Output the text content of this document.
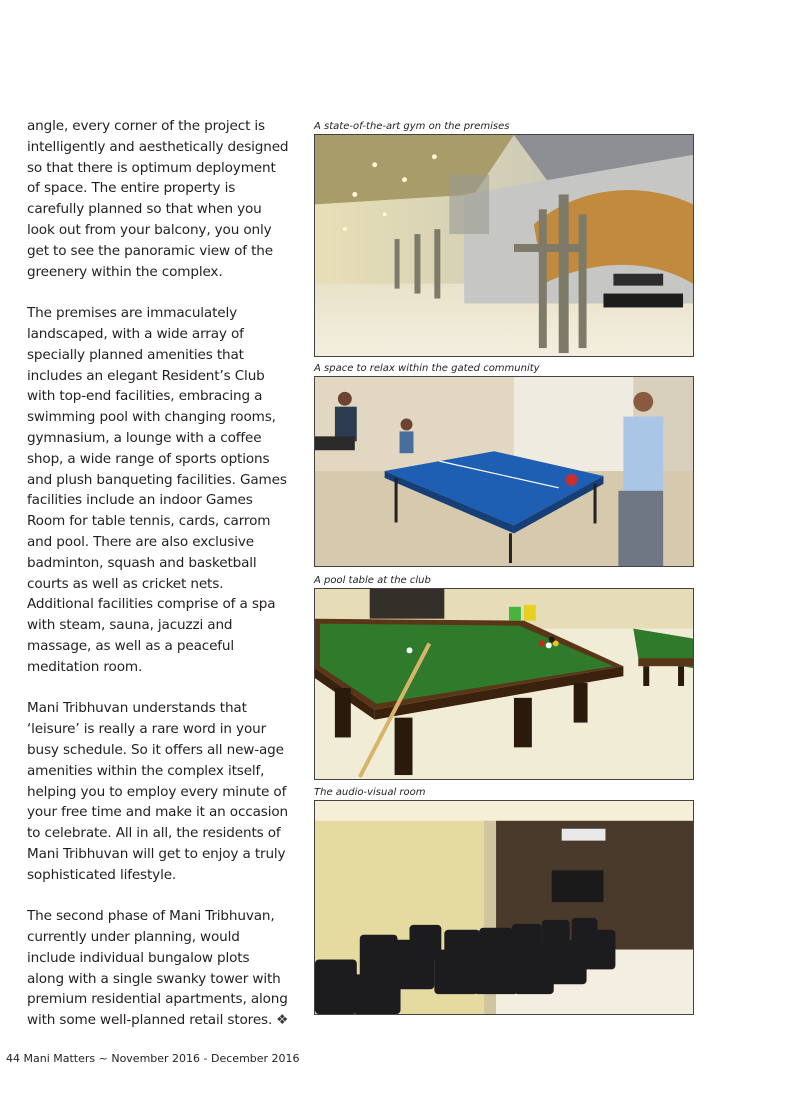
angle, every corner of the project is intelligently and aesthetically designed so that there is optimum deployment of space. The entire property is carefully planned so that when you look out from your balcony, you only get to see the panoramic view of the greenery within the complex.

The premises are immaculately landscaped, with a wide array of specially planned amenities that includes an elegant Resident’s Club with top-end facilities, embracing a swimming pool with changing rooms, gymnasium, a lounge with a coffee shop, a wide range of sports options and plush banqueting facilities. Games facilities include an indoor Games Room for table tennis, cards, carrom and pool. There are also exclusive badminton, squash and basketball courts as well as cricket nets. Additional facilities comprise of a spa with steam, sauna, jacuzzi and massage, as well as a peaceful meditation room.

Mani Tribhuvan understands that ‘leisure’ is really a rare word in your busy schedule. So it offers all new-age amenities within the complex itself, helping you to employ every minute of your free time and make it an occasion to celebrate. All in all, the residents of Mani Tribhuvan will get to enjoy a truly sophisticated lifestyle.

The second phase of Mani Tribhuvan, currently under planning, would include individual bungalow plots along with a single swanky tower with premium residential apartments, along with some well-planned retail stores. ❖

A state-of-the-art gym on the premises
A space to relax within the gated community
A pool table at the club
The audio-visual room
44 Mani Matters ~ November 2016 - December 2016
